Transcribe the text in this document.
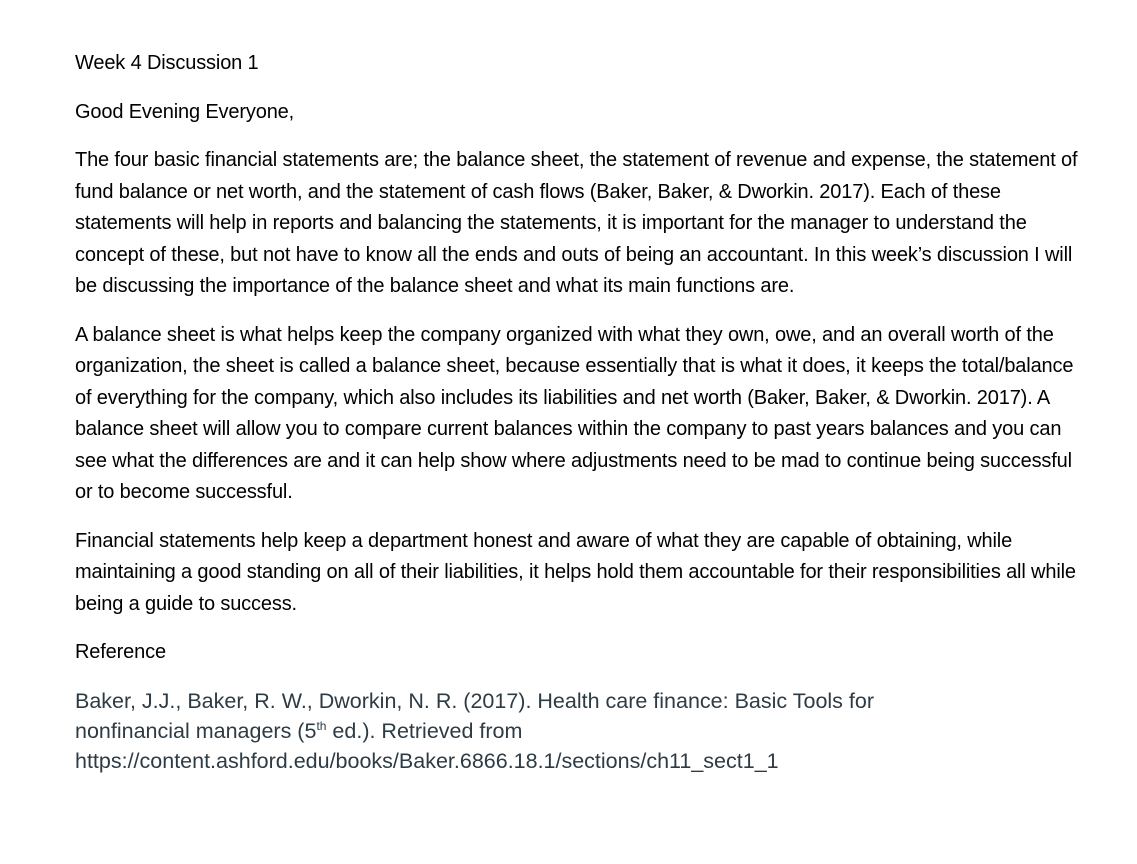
Week 4 Discussion 1

Good Evening Everyone,

The four basic financial statements are; the balance sheet, the statement of revenue and expense, the statement of fund balance or net worth, and the statement of cash flows (Baker, Baker, & Dworkin. 2017). Each of these statements will help in reports and balancing the statements, it is important for the manager to understand the concept of these, but not have to know all the ends and outs of being an accountant. In this week’s discussion I will be discussing the importance of the balance sheet and what its main functions are.

A balance sheet is what helps keep the company organized with what they own, owe, and an overall worth of the organization, the sheet is called a balance sheet, because essentially that is what it does, it keeps the total/balance of everything for the company, which also includes its liabilities and net worth (Baker, Baker, & Dworkin. 2017). A balance sheet will allow you to compare current balances within the company to past years balances and you can see what the differences are and it can help show where adjustments need to be mad to continue being successful or to become successful.

Financial statements help keep a department honest and aware of what they are capable of obtaining, while maintaining a good standing on all of their liabilities, it helps hold them accountable for their responsibilities all while being a guide to success.

Reference

Baker, J.J., Baker, R. W., Dworkin, N. R. (2017). Health care finance: Basic Tools for
nonfinancial managers (5th ed.). Retrieved from
https://content.ashford.edu/books/Baker.6866.18.1/sections/ch11_sect1_1
